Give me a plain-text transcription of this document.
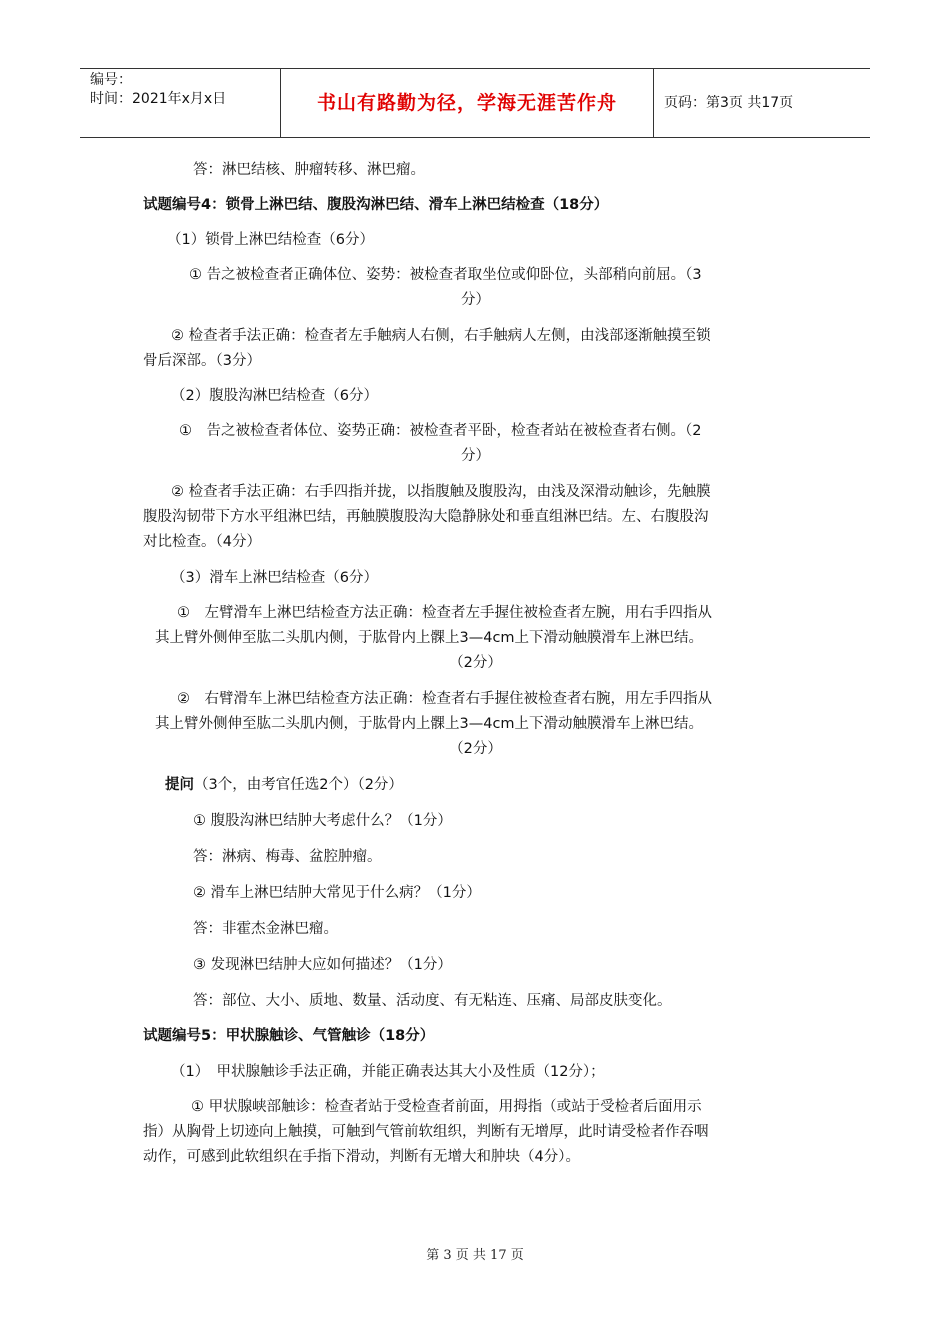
编号：
时间：2021年x月x日	书山有路勤为径，学海无涯苦作舟	页码：第3页 共17页

答：淋巴结核、肿瘤转移、淋巴瘤。

试题编号4：锁骨上淋巴结、腹股沟淋巴结、滑车上淋巴结检查（18分）

（1）锁骨上淋巴结检查（6分）

① 告之被检查者正确体位、姿势：被检查者取坐位或仰卧位，头部稍向前屈。（3

分）

② 检查者手法正确：检查者左手触病人右侧，右手触病人左侧，由浅部逐渐触摸至锁

骨后深部。（3分）

（2）腹股沟淋巴结检查（6分）

①　告之被检查者体位、姿势正确：被检查者平卧，检查者站在被检查者右侧。（2

分）

② 检查者手法正确：右手四指并拢，以指腹触及腹股沟，由浅及深滑动触诊，先触膜

腹股沟韧带下方水平组淋巴结，再触膜腹股沟大隐静脉处和垂直组淋巴结。左、右腹股沟

对比检查。（4分）

（3）滑车上淋巴结检查（6分）

①　左臂滑车上淋巴结检查方法正确：检查者左手握住被检查者左腕，用右手四指从

其上臂外侧伸至肱二头肌内侧，于肱骨内上髁上3—4cm上下滑动触膜滑车上淋巴结。

（2分）

②　右臂滑车上淋巴结检查方法正确：检查者右手握住被检查者右腕，用左手四指从

其上臂外侧伸至肱二头肌内侧，于肱骨内上髁上3—4cm上下滑动触膜滑车上淋巴结。

（2分）

提问（3个，由考官任选2个）（2分）

① 腹股沟淋巴结肿大考虑什么？（1分）

答：淋病、梅毒、盆腔肿瘤。

② 滑车上淋巴结肿大常见于什么病？（1分）

答：非霍杰金淋巴瘤。

③ 发现淋巴结肿大应如何描述？（1分）

答：部位、大小、质地、数量、活动度、有无粘连、压痛、局部皮肤变化。

试题编号5：甲状腺触诊、气管触诊（18分）

（1）　甲状腺触诊手法正确，并能正确表达其大小及性质（12分）；

① 甲状腺峡部触诊：检查者站于受检查者前面，用拇指（或站于受检者后面用示

指）从胸骨上切迹向上触摸，可触到气管前软组织，判断有无增厚，此时请受检者作吞咽

动作，可感到此软组织在手指下滑动，判断有无增大和肿块（4分）。

第 3 页 共 17 页
